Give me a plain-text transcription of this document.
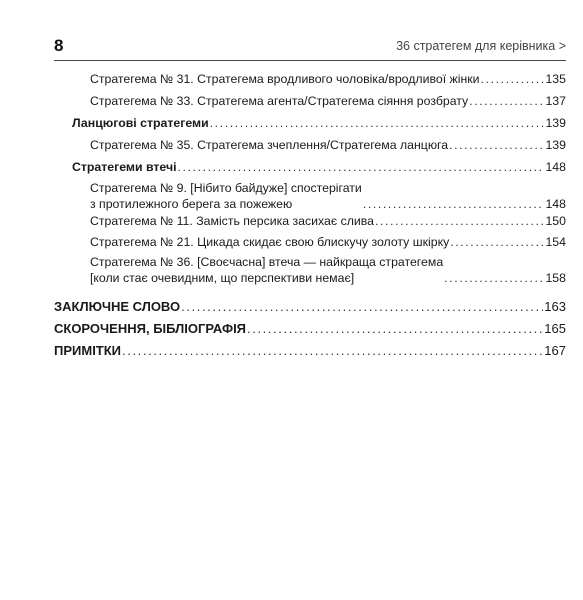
8	36 стратегем для керівника >
Стратегема № 31. Стратегема вродливого чоловіка/вродливої жінки .....	135
Стратегема № 33. Стратегема агента/Стратегема сіяння розбрату .....	137
Ланцюгові стратегеми .....	139
Стратегема № 35. Стратегема зчеплення/Стратегема ланцюга .....	139
Стратегеми втечі .....	148
Стратегема № 9. [Нібито байдуже] спостерігати
з протилежного берега за пожежею .....	148
Стратегема № 11. Замість персика засихає слива .....	150
Стратегема № 21. Цикада скидає свою блискучу золоту шкірку .....	154
Стратегема № 36. [Своєчасна] втеча — найкраща стратегема
[коли стає очевидним, що перспективи немає] .....	158
ЗАКЛЮЧНЕ СЛОВО .....	163
СКОРОЧЕННЯ, БІБЛІОГРАФІЯ .....	165
ПРИМІТКИ .....	167
